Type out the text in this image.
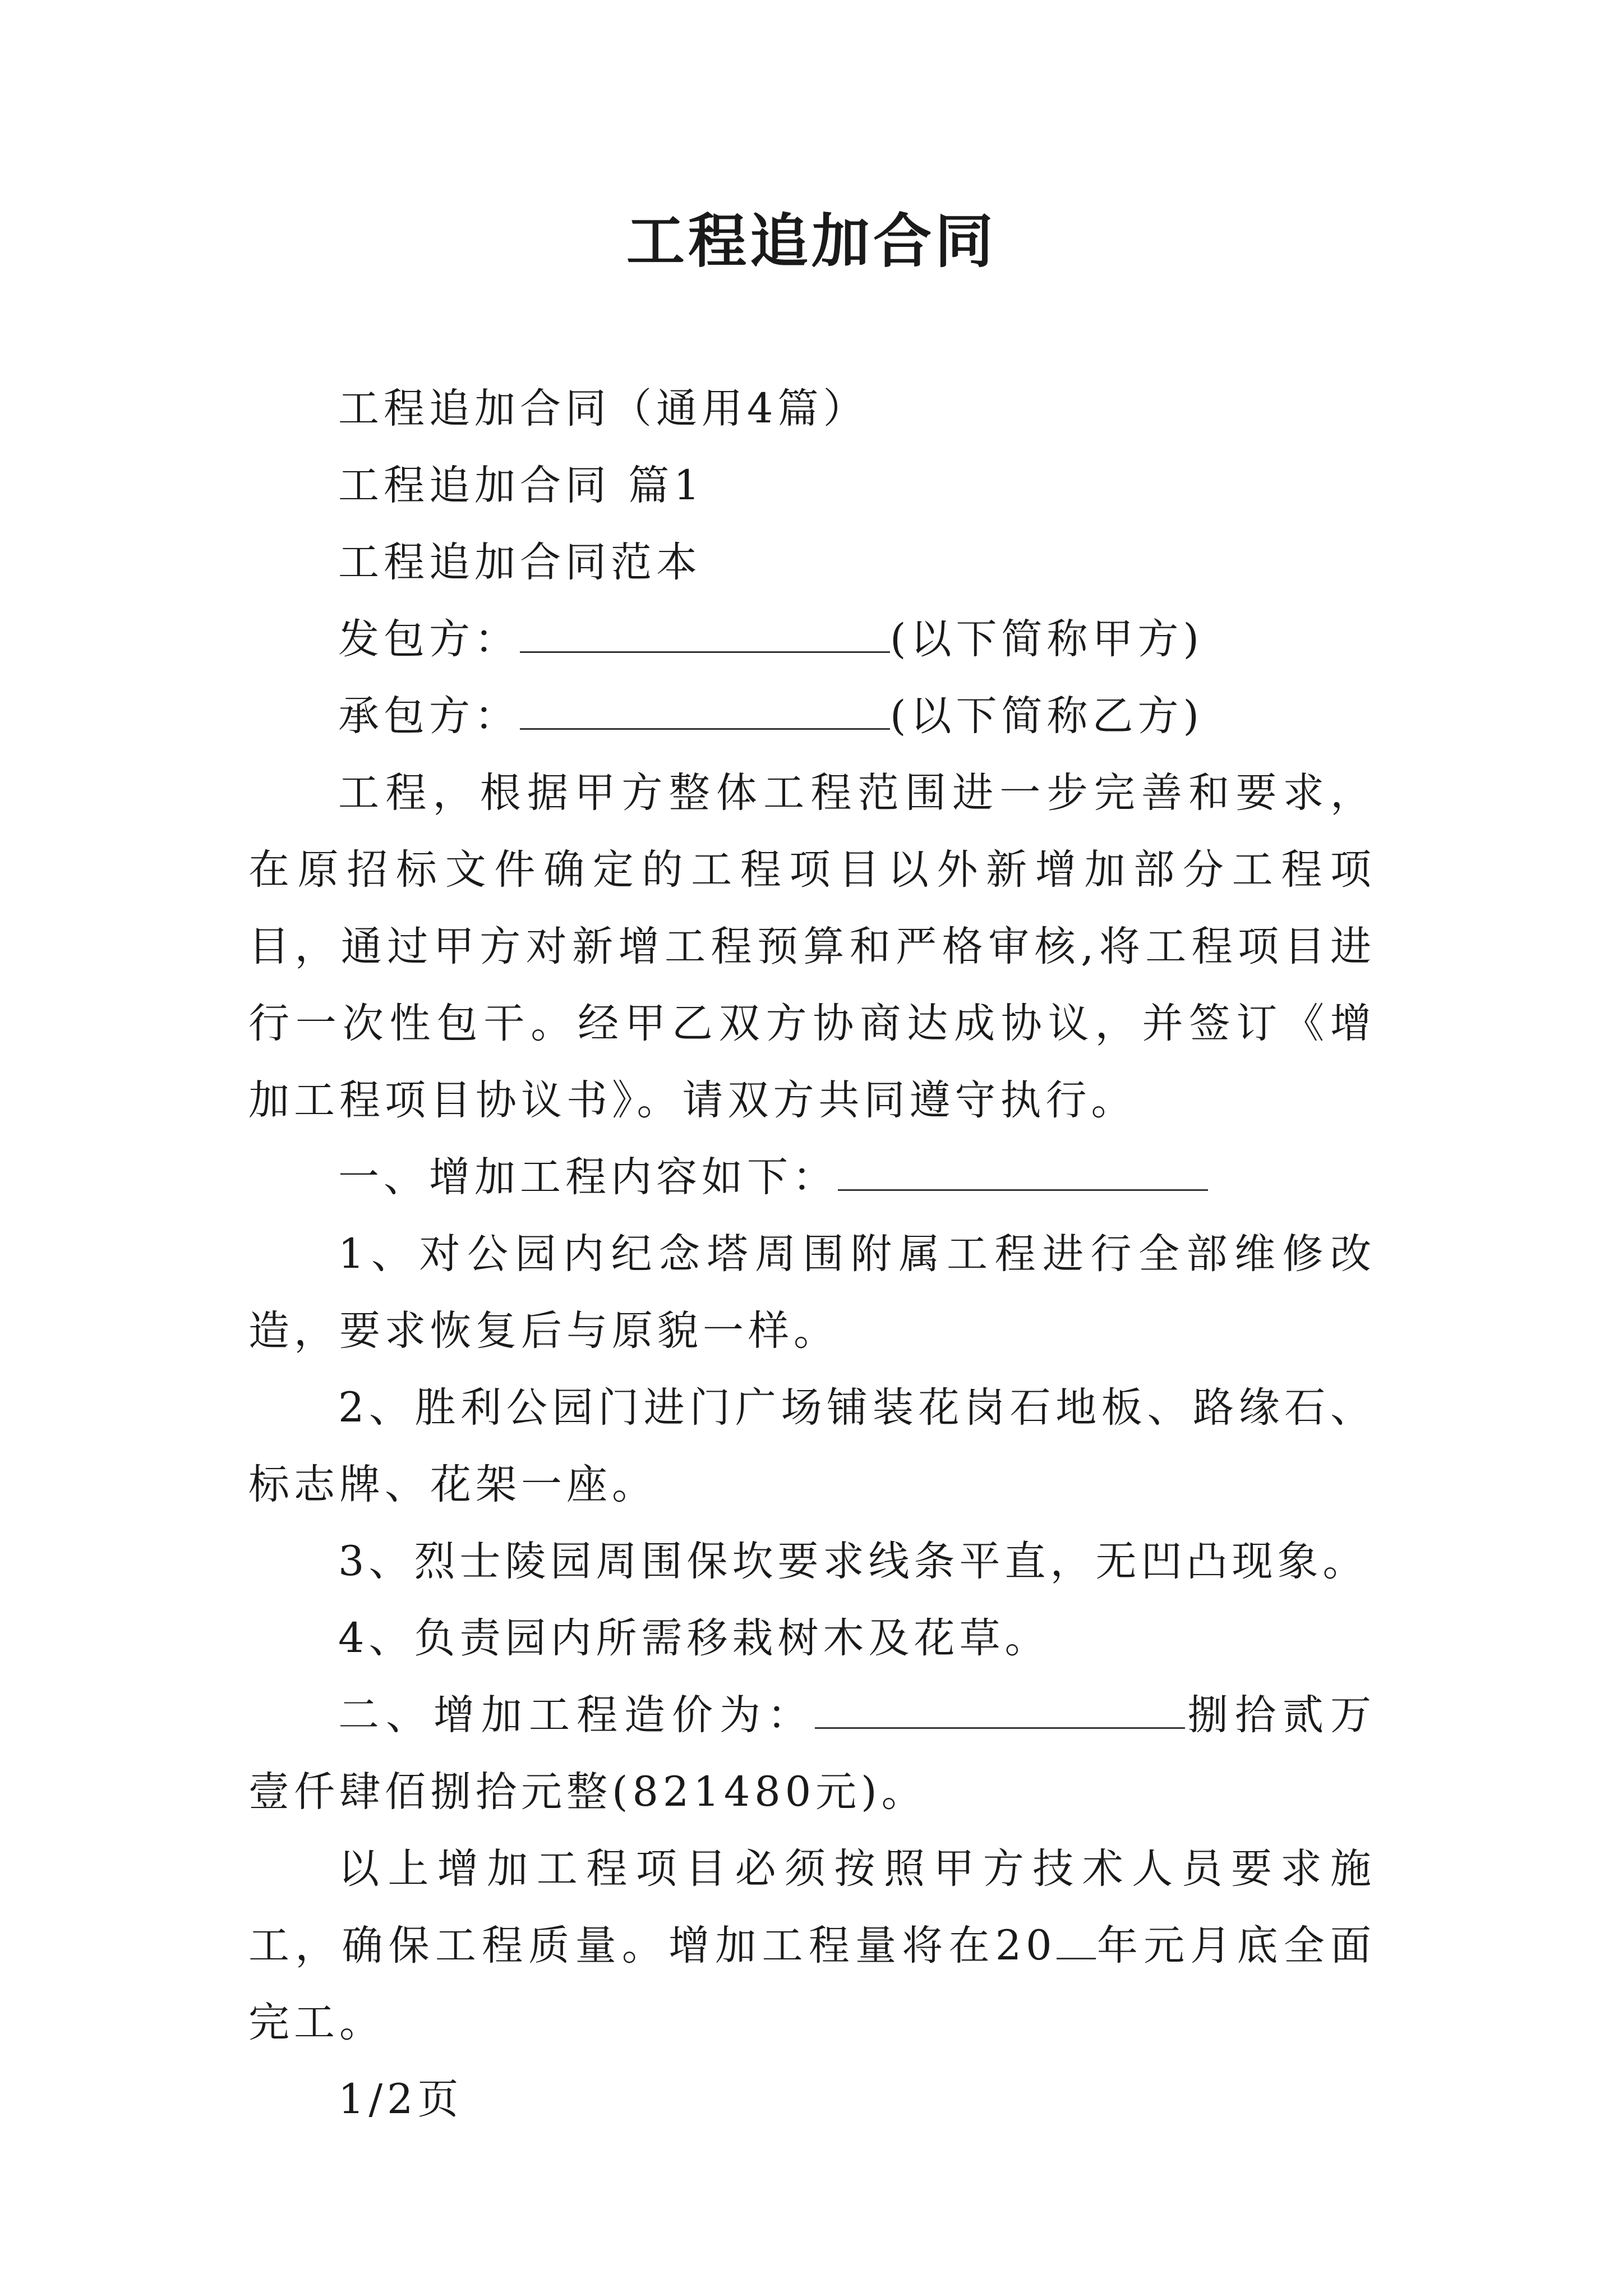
工程追加合同

工程追加合同（通用4篇）

工程追加合同 篇1

工程追加合同范本

发包方：	(以下简称甲方)

承包方：	(以下简称乙方)

工程，根据甲方整体工程范围进一步完善和要求，在原招标文件确定的工程项目以外新增加部分工程项目，通过甲方对新增工程预算和严格审核,将工程项目进行一次性包干。经甲乙双方协商达成协议，并签订《增加工程项目协议书》。请双方共同遵守执行。

一、增加工程内容如下：

1、对公园内纪念塔周围附属工程进行全部维修改造，要求恢复后与原貌一样。

2、胜利公园门进门广场铺装花岗石地板、路缘石、标志牌、花架一座。

3、烈士陵园周围保坎要求线条平直，无凹凸现象。

4、负责园内所需移栽树木及花草。

二、增加工程造价为：	捌拾贰万壹仟肆佰捌拾元整(821480元)。

以上增加工程项目必须按照甲方技术人员要求施工，确保工程质量。增加工程量将在20 年元月底全面完工。

1/2页
